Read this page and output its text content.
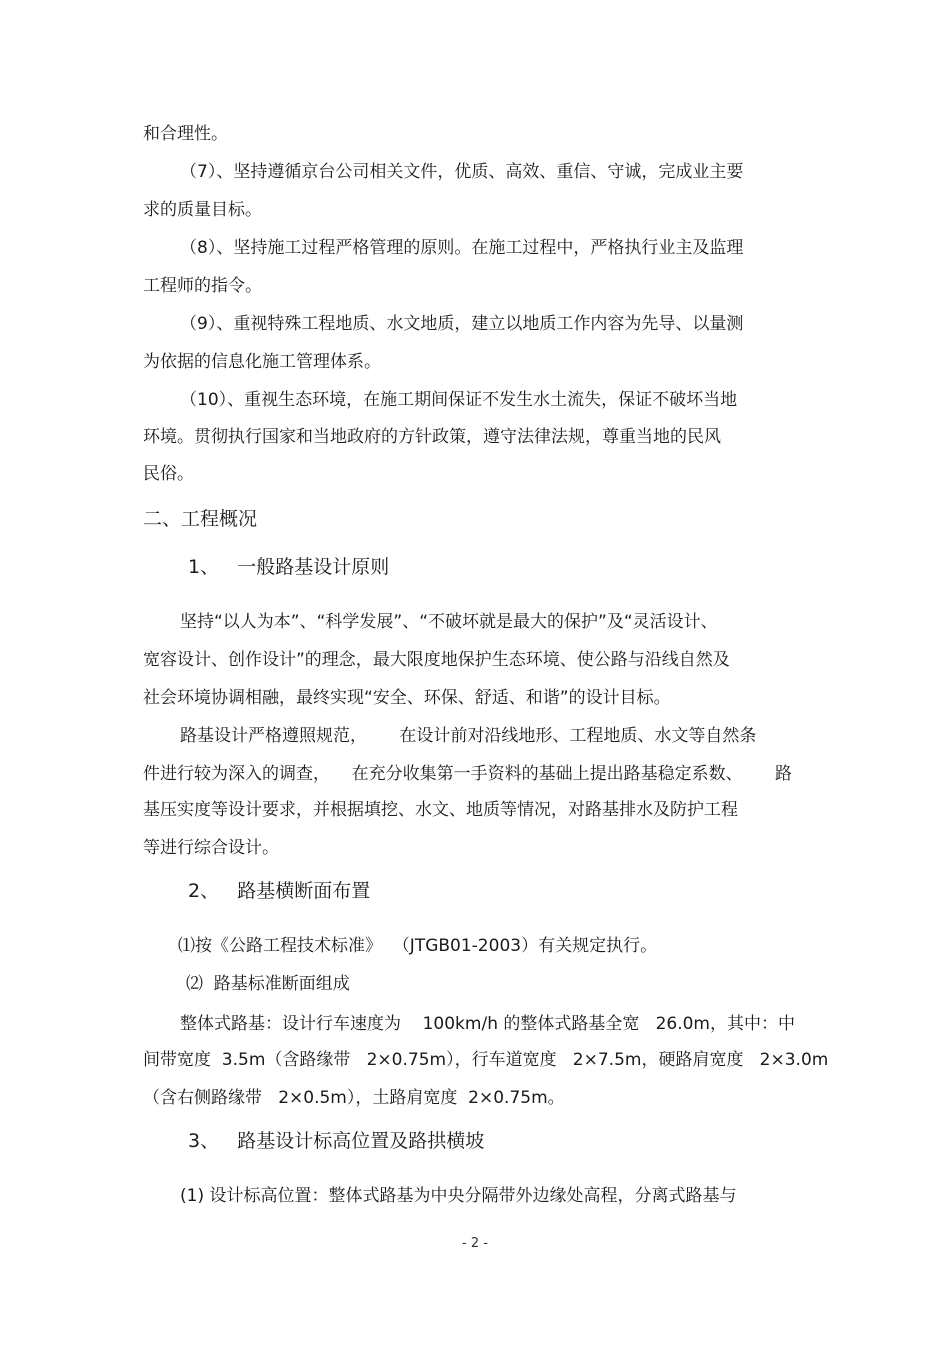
和合理性。
（7）、坚持遵循京台公司相关文件，优质、高效、重信、守诚，完成业主要
求的质量目标。
（8）、坚持施工过程严格管理的原则。在施工过程中，严格执行业主及监理
工程师的指令。
（9）、重视特殊工程地质、水文地质，建立以地质工作内容为先导、以量测
为依据的信息化施工管理体系。
（10）、重视生态环境，在施工期间保证不发生水土流失，保证不破坏当地
环境。贯彻执行国家和当地政府的方针政策，遵守法律法规，尊重当地的民风
民俗。
二、工程概况
1、   一般路基设计原则
坚持“以人为本”、“科学发展”、“不破坏就是最大的保护”及“灵活设计、
宽容设计、创作设计”的理念，最大限度地保护生态环境、使公路与沿线自然及
社会环境协调相融，最终实现“安全、环保、舒适、和谐”的设计目标。
路基设计严格遵照规范，      在设计前对沿线地形、工程地质、水文等自然条
件进行较为深入的调查，    在充分收集第一手资料的基础上提出路基稳定系数、      路
基压实度等设计要求，并根据填挖、水文、地质等情况，对路基排水及防护工程
等进行综合设计。
2、   路基横断面布置
⑴按《公路工程技术标准》  （JTGB01-2003）有关规定执行。
⑵  路基标准断面组成
整体式路基：设计行车速度为    100km/h 的整体式路基全宽   26.0m，其中：中
间带宽度  3.5m（含路缘带   2×0.75m），行车道宽度   2×7.5m，硬路肩宽度   2×3.0m
（含右侧路缘带   2×0.5m），土路肩宽度  2×0.75m。
3、   路基设计标高位置及路拱横坡
(1) 设计标高位置：整体式路基为中央分隔带外边缘处高程，分离式路基与
- 2 -
